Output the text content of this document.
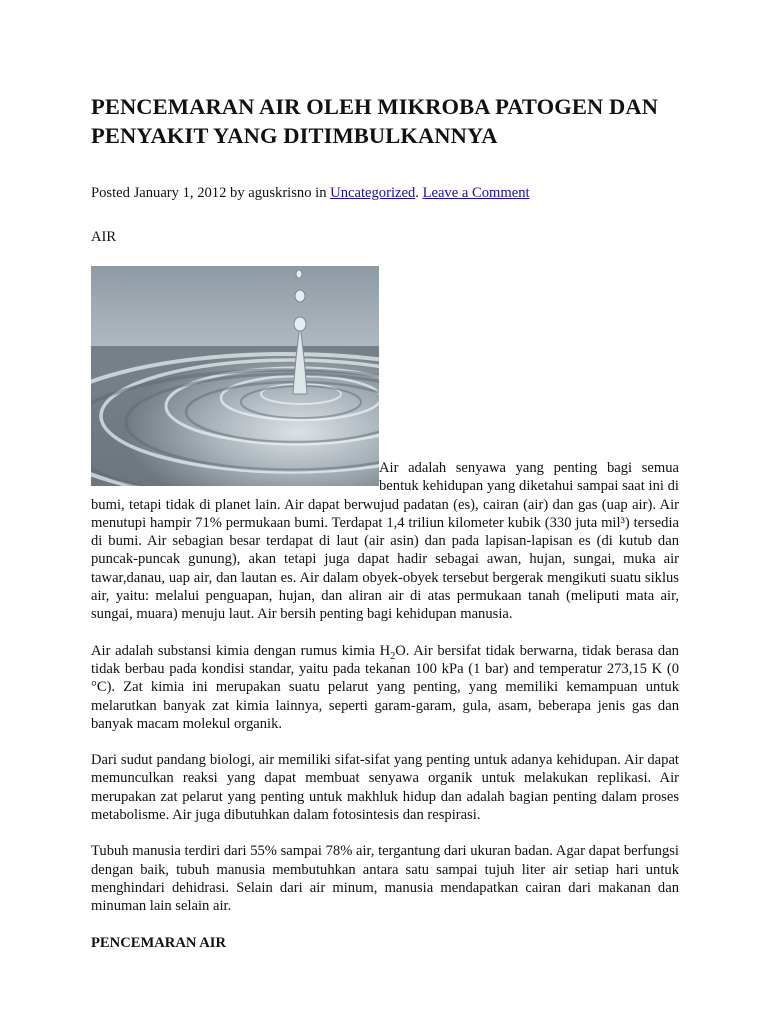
PENCEMARAN AIR OLEH MIKROBA PATOGEN DAN PENYAKIT YANG DITIMBULKANNYA
Posted January 1, 2012 by aguskrisno in Uncategorized. Leave a Comment
AIR

Air adalah senyawa yang penting bagi semua bentuk kehidupan yang diketahui sampai saat ini di bumi, tetapi tidak di planet lain. Air dapat berwujud padatan (es), cairan (air) dan gas (uap air). Air menutupi hampir 71% permukaan bumi. Terdapat 1,4 triliun kilometer kubik (330 juta mil³) tersedia di bumi. Air sebagian besar terdapat di laut (air asin) dan pada lapisan-lapisan es (di kutub dan puncak-puncak gunung), akan tetapi juga dapat hadir sebagai awan, hujan, sungai, muka air tawar,danau, uap air, dan lautan es. Air dalam obyek-obyek tersebut bergerak mengikuti suatu siklus air, yaitu: melalui penguapan, hujan, dan aliran air di atas permukaan tanah (meliputi mata air, sungai, muara) menuju laut. Air bersih penting bagi kehidupan manusia.

Air adalah substansi kimia dengan rumus kimia $H_2O$. Air bersifat tidak berwarna, tidak berasa dan tidak berbau pada kondisi standar, yaitu pada tekanan 100 kPa (1 bar) and temperatur 273,15 K (0 °C). Zat kimia ini merupakan suatu pelarut yang penting, yang memiliki kemampuan untuk melarutkan banyak zat kimia lainnya, seperti garam-garam, gula, asam, beberapa jenis gas dan banyak macam molekul organik.

Dari sudut pandang biologi, air memiliki sifat-sifat yang penting untuk adanya kehidupan. Air dapat memunculkan reaksi yang dapat membuat senyawa organik untuk melakukan replikasi. Air merupakan zat pelarut yang penting untuk makhluk hidup dan adalah bagian penting dalam proses metabolisme. Air juga dibutuhkan dalam fotosintesis dan respirasi.

Tubuh manusia terdiri dari 55% sampai 78% air, tergantung dari ukuran badan. Agar dapat berfungsi dengan baik, tubuh manusia membutuhkan antara satu sampai tujuh liter air setiap hari untuk menghindari dehidrasi. Selain dari air minum, manusia mendapatkan cairan dari makanan dan minuman lain selain air.

PENCEMARAN AIR
